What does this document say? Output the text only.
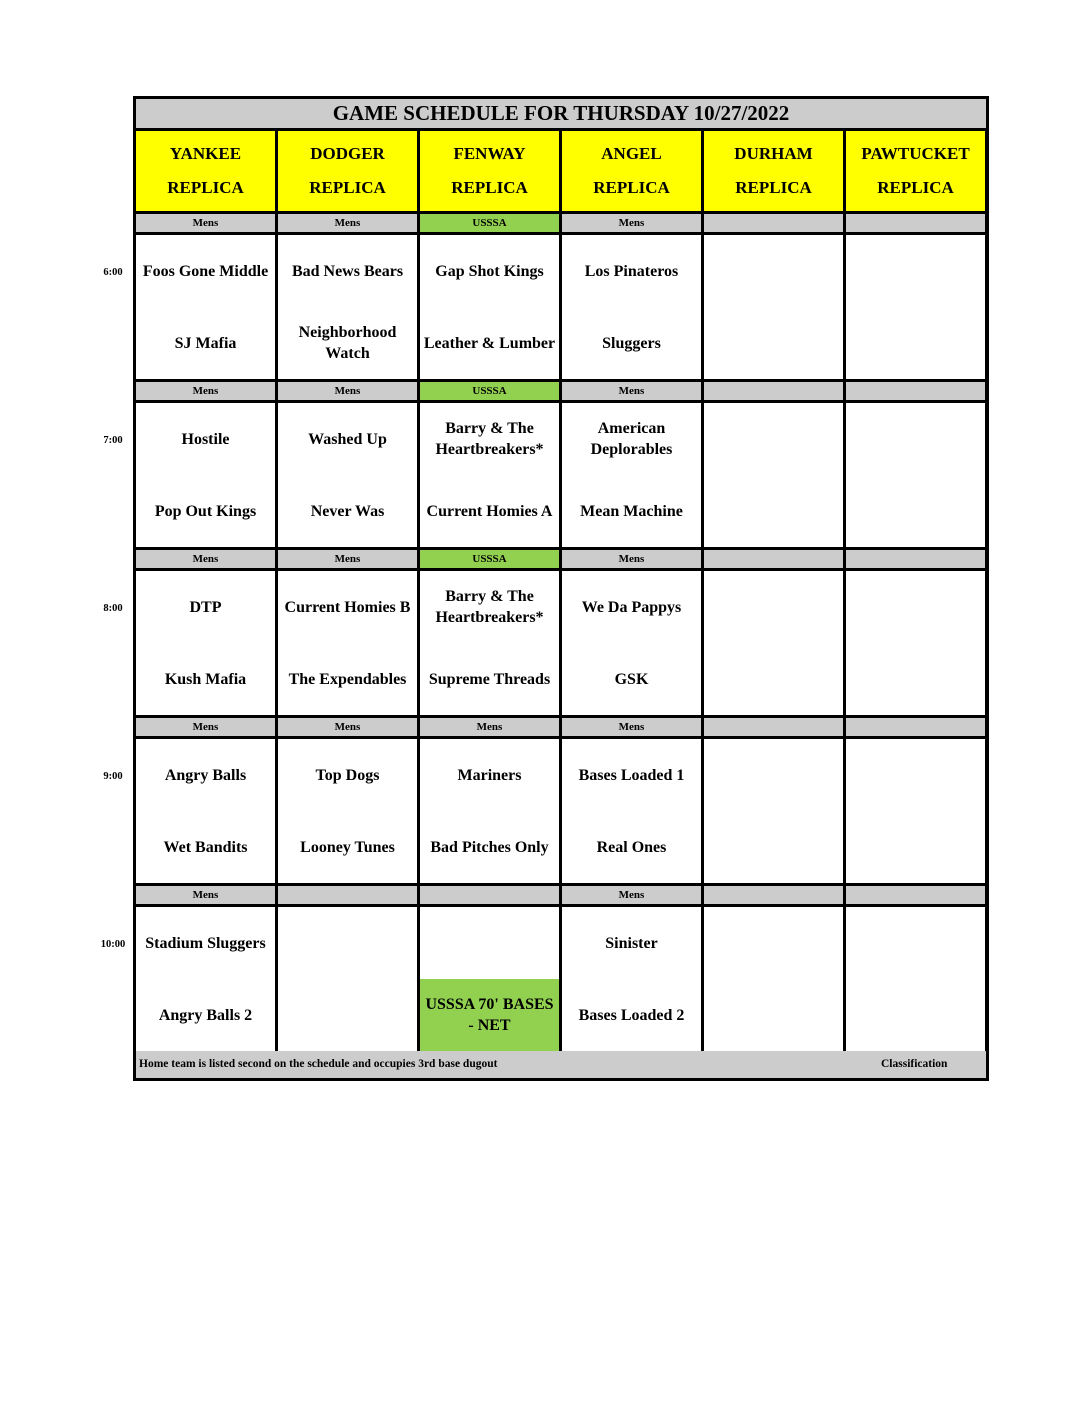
6:00
7:00
8:00
9:00
10:00
GAME SCHEDULE FOR THURSDAY 10/27/2022
Home team is listed second on the schedule and occupies 3rd base dugout	Classification
YANKEE
REPLICA
DODGER
REPLICA
FENWAY
REPLICA
ANGEL
REPLICA
DURHAM
REPLICA
PAWTUCKET
REPLICA
Mens
Foos Gone Middle
SJ Mafia
Mens
Bad News Bears
Neighborhood Watch
USSSA
Gap Shot Kings
Leather & Lumber
Mens
Los Pinateros
Sluggers
Mens
Hostile
Pop Out Kings
Mens
Washed Up
Never Was
USSSA
Barry & The Heartbreakers*
Current Homies A
Mens
American Deplorables
Mean Machine
Mens
DTP
Kush Mafia
Mens
Current Homies B
The Expendables
USSSA
Barry & The Heartbreakers*
Supreme Threads
Mens
We Da Pappys
GSK
Mens
Angry Balls
Wet Bandits
Mens
Top Dogs
Looney Tunes
Mens
Mariners
Bad Pitches Only
Mens
Bases Loaded 1
Real Ones
Mens
Stadium Sluggers
Angry Balls 2
USSSA 70' BASES - NET
Mens
Sinister
Bases Loaded 2
